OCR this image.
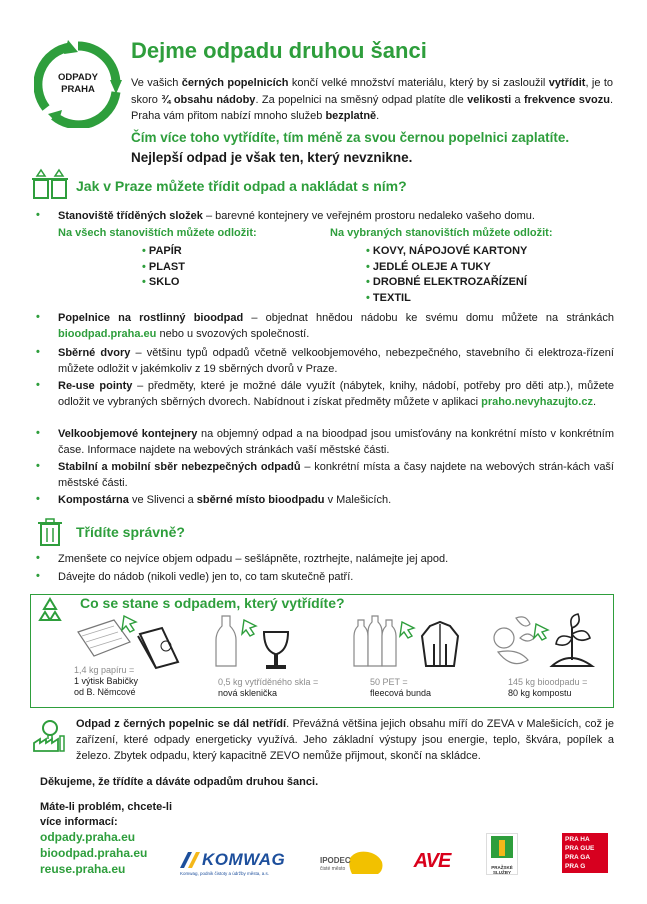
ODPADY
PRAHA
Dejme odpadu druhou šanci
Ve vašich černých popelnicích končí velké množství materiálu, který by si zasloužil vytřídit, je to skoro ¾ obsahu nádoby. Za popelnici na směsný odpad platíte dle velikosti a frekvence svozu. Praha vám přitom nabízí mnoho služeb bezplatně.
Čím více toho vytřídíte, tím méně za svou černou popelnici zaplatíte.
Nejlepší odpad je však ten, který nevznikne.
Jak v Praze můžete třídit odpad a nakládat s ním?
• Stanoviště tříděných složek – barevné kontejnery ve veřejném prostoru nedaleko vašeho domu.
Na všech stanovištích můžete odložit:	Na vybraných stanovištích můžete odložit:
• PAPÍR
• PLAST
• SKLO
• KOVY, NÁPOJOVÉ KARTONY
• JEDLÉ OLEJE A TUKY
• DROBNÉ ELEKTROZAŘÍZENÍ
• TEXTIL
• Popelnice na rostlinný bioodpad – objednat hnědou nádobu ke svému domu můžete na stránkách bioodpad.praha.eu nebo u svozových společností.
• Sběrné dvory – většinu typů odpadů včetně velkoobjemového, nebezpečného, stavebního či elektroza-řízení můžete odložit v jakémkoliv z 19 sběrných dvorů v Praze.
• Re-use pointy – předměty, které je možné dále využít (nábytek, knihy, nádobí, potřeby pro děti atp.), můžete odložit ve vybraných sběrných dvorech. Nabídnout i získat předměty můžete v aplikaci praho.nevyhazujto.cz.
• Velkoobjemové kontejnery na objemný odpad a na bioodpad jsou umisťovány na konkrétní místo v konkrétním čase. Informace najdete na webových stránkách vaší městské části.
• Stabilní a mobilní sběr nebezpečných odpadů – konkrétní místa a časy najdete na webových strán-kách vaší městské části.
• Kompostárna ve Slivenci a sběrné místo bioodpadu v Malešicích.
Třídíte správně?
• Zmenšete co nejvíce objem odpadu – sešlápněte, roztrhejte, nalámejte jej apod.
• Dávejte do nádob (nikoli vedle) jen to, co tam skutečně patří.
Co se stane s odpadem, který vytřídíte?
1,4 kg papíru =
1 výtisk Babičky
od B. Němcové
0,5 kg vytříděného skla =
nová sklenička
50 PET =
fleecová bunda
145 kg bioodpadu =
80 kg kompostu
Odpad z černých popelnic se dál netřídí. Převážná většina jejich obsahu míří do ZEVA v Malešicích, což je zařízení, které odpady energeticky využívá. Jeho základní výstupy jsou energie, teplo, škvára, popílek a železo. Zbytek odpadu, který kapacitně ZEVO nemůže přijmout, skončí na skládce.
Děkujeme, že třídíte a dáváte odpadům druhou šanci.
Máte-li problém, chcete-li
více informací:
odpady.praha.eu
bioodpad.praha.eu
reuse.praha.eu	KOMWAG
Komwag, podnik čistoty a údržby města, a.s.
IPODEC
čisté město	AVE	PRAŽSKÉ
SLUŽBY
PRA HA
PRA GUE
PRA GA
PRA G
